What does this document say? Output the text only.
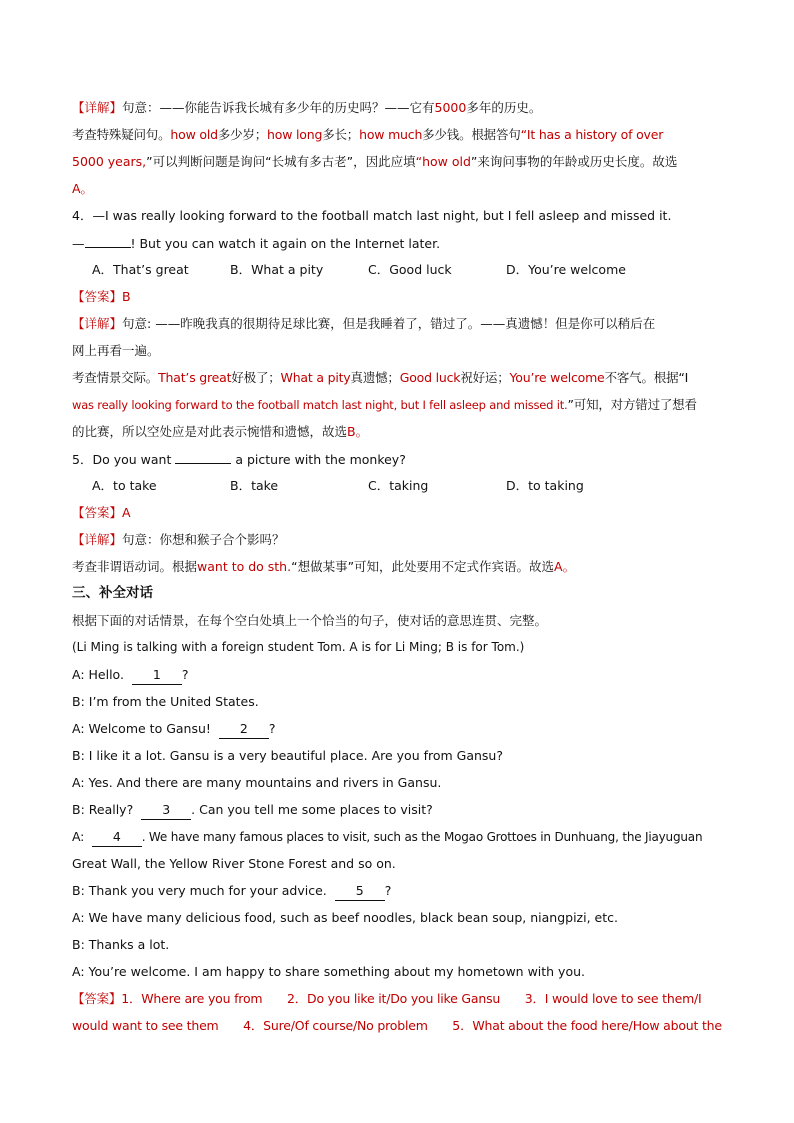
【详解】句意：——你能告诉我长城有多少年的历史吗？——它有5000多年的历史。
考查特殊疑问句。how old多少岁；how long多长；how much多少钱。根据答句“It has a history of over
5000 years,”可以判断问题是询问“长城有多古老”，因此应填“how old”来询问事物的年龄或历史长度。故选
A。
4．—I was really looking forward to the football match last night, but I fell asleep and missed it.
—	! But you can watch it again on the Internet later.
A．That’s great	B．What a pity	C．Good luck	D．You’re welcome
【答案】B
【详解】句意: ——昨晚我真的很期待足球比赛，但是我睡着了，错过了。——真遗憾！但是你可以稍后在
网上再看一遍。
考查情景交际。That’s great好极了；What a pity真遗憾；Good luck祝好运；You’re welcome不客气。根据“I
was really looking forward to the football match last night, but I fell asleep and missed it.”可知，对方错过了想看
的比赛，所以空处应是对此表示惋惜和遗憾，故选B。
5．Do you want	a picture with the monkey?
A．to take	B．take	C．taking	D．to taking
【答案】A
【详解】句意：你想和猴子合个影吗？
考查非谓语动词。根据want to do sth.“想做某事”可知，此处要用不定式作宾语。故选A。
三、补全对话
根据下面的对话情景，在每个空白处填上一个恰当的句子，使对话的意思连贯、完整。
(Li Ming is talking with a foreign student Tom. A is for Li Ming; B is for Tom.)
A: Hello. 1 ?
B: I’m from the United States.
A: Welcome to Gansu! 2 ?
B: I like it a lot. Gansu is a very beautiful place. Are you from Gansu?
A: Yes. And there are many mountains and rivers in Gansu.
B: Really? 3 . Can you tell me some places to visit?
A: 4 . We have many famous places to visit, such as the Mogao Grottoes in Dunhuang, the Jiayuguan
Great Wall, the Yellow River Stone Forest and so on.
B: Thank you very much for your advice. 5 ?
A: We have many delicious food, such as beef noodles, black bean soup, niangpizi, etc.
B: Thanks a lot.
A: You’re welcome. I am happy to share something about my hometown with you.
【答案】1．Where are you from　　2．Do you like it/Do you like Gansu　　3．I would love to see them/I
would want to see them　　4．Sure/Of course/No problem　　5．What about the food here/How about the
